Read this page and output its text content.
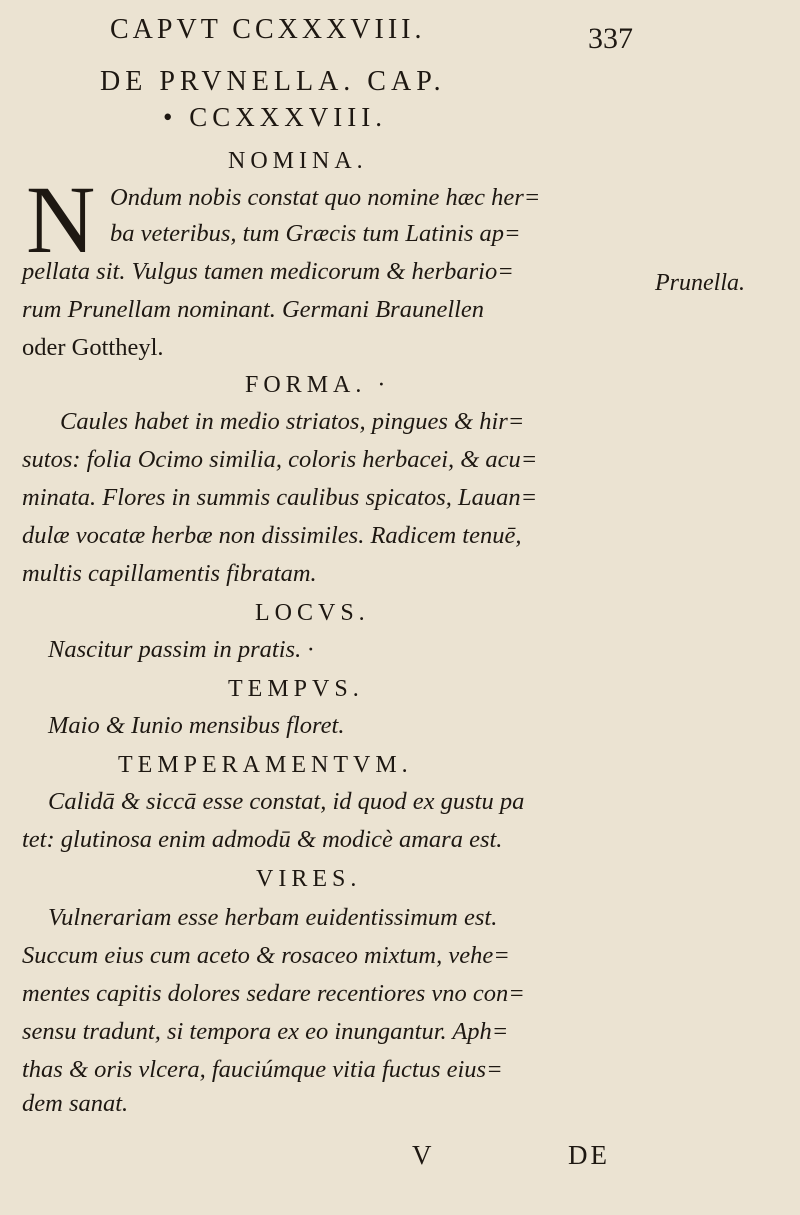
CAPVT CCXXXVIII.	337
DE PRVNELLA. CAP.
• CCXXXVIII.
NOMINA.
N Ondum nobis constat quo nomine hæc her=
ba veteribus, tum Græcis tum Latinis ap=
pellata sit. Vulgus tamen medicorum & herbario=
rum Prunellam nominant. Germani Braunellen
oder Gottheyl.
Prunella.
FORMA. ·
Caules habet in medio striatos, pingues & hir=
sutos: folia Ocimo similia, coloris herbacei, & acu=
minata. Flores in summis caulibus spicatos, Lauan=
dulæ vocatæ herbæ non dissimiles. Radicem tenuē,
multis capillamentis fibratam.
LOCVS.
Nascitur passim in pratis. ·
TEMPVS.
Maio & Iunio mensibus floret.
TEMPERAMENTVM.
Calidā & siccā esse constat, id quod ex gustu pa
tet: glutinosa enim admodū & modicè amara est.
VIRES.
Vulnerariam esse herbam euidentissimum est.
Succum eius cum aceto & rosaceo mixtum, vehe=
mentes capitis dolores sedare recentiores vno con=
sensu tradunt, si tempora ex eo inungantur. Aph=
thas & oris vlcera, fauciúmque vitia fuctus eius=
dem sanat.
V	DE
